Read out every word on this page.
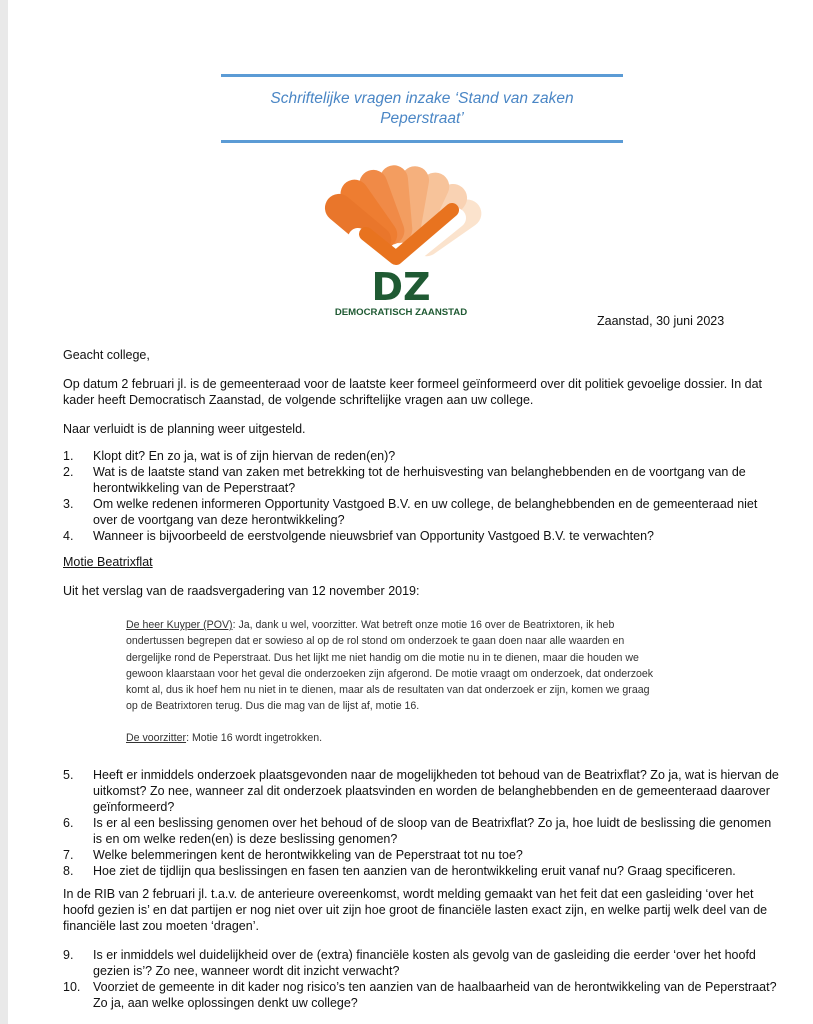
Schriftelijke vragen inzake ‘Stand van zaken
Peperstraat’
DZ
DEMOCRATISCH ZAANSTAD
Zaanstad, 30 juni 2023

Geacht college,

Op datum 2 februari jl. is de gemeenteraad voor de laatste keer formeel geïnformeerd over dit politiek gevoelige dossier. In dat kader heeft Democratisch Zaanstad, de volgende schriftelijke vragen aan uw college.

Naar verluidt is de planning weer uitgesteld.

1. Klopt dit? En zo ja, wat is of zijn hiervan de reden(en)?
2. Wat is de laatste stand van zaken met betrekking tot de herhuisvesting van belanghebbenden en de voortgang van de herontwikkeling van de Peperstraat?
3. Om welke redenen informeren Opportunity Vastgoed B.V. en uw college, de belanghebbenden en de gemeenteraad niet over de voortgang van deze herontwikkeling?
4. Wanneer is bijvoorbeeld de eerstvolgende nieuwsbrief van Opportunity Vastgoed B.V. te verwachten?

Motie Beatrixflat

Uit het verslag van de raadsvergadering van 12 november 2019:

De heer Kuyper (POV): Ja, dank u wel, voorzitter. Wat betreft onze motie 16 over de Beatrixtoren, ik heb ondertussen begrepen dat er sowieso al op de rol stond om onderzoek te gaan doen naar alle waarden en dergelijke rond de Peperstraat. Dus het lijkt me niet handig om die motie nu in te dienen, maar die houden we gewoon klaarstaan voor het geval die onderzoeken zijn afgerond. De motie vraagt om onderzoek, dat onderzoek komt al, dus ik hoef hem nu niet in te dienen, maar als de resultaten van dat onderzoek er zijn, komen we graag op de Beatrixtoren terug. Dus die mag van de lijst af, motie 16.

De voorzitter: Motie 16 wordt ingetrokken.

5. Heeft er inmiddels onderzoek plaatsgevonden naar de mogelijkheden tot behoud van de Beatrixflat? Zo ja, wat is hiervan de uitkomst? Zo nee, wanneer zal dit onderzoek plaatsvinden en worden de belanghebbenden en de gemeenteraad daarover geïnformeerd?
6. Is er al een beslissing genomen over het behoud of de sloop van de Beatrixflat? Zo ja, hoe luidt de beslissing die genomen is en om welke reden(en) is deze beslissing genomen?
7. Welke belemmeringen kent de herontwikkeling van de Peperstraat tot nu toe?
8. Hoe ziet de tijdlijn qua beslissingen en fasen ten aanzien van de herontwikkeling eruit vanaf nu? Graag specificeren.

In de RIB van 2 februari jl. t.a.v. de anterieure overeenkomst, wordt melding gemaakt van het feit dat een gasleiding ‘over het hoofd gezien is’ en dat partijen er nog niet over uit zijn hoe groot de financiële lasten exact zijn, en welke partij welk deel van de financiële last zou moeten ‘dragen’.

9. Is er inmiddels wel duidelijkheid over de (extra) financiële kosten als gevolg van de gasleiding die eerder ‘over het hoofd gezien is’? Zo nee, wanneer wordt dit inzicht verwacht?
10. Voorziet de gemeente in dit kader nog risico’s ten aanzien van de haalbaarheid van de herontwikkeling van de Peperstraat? Zo ja, aan welke oplossingen denkt uw college?
